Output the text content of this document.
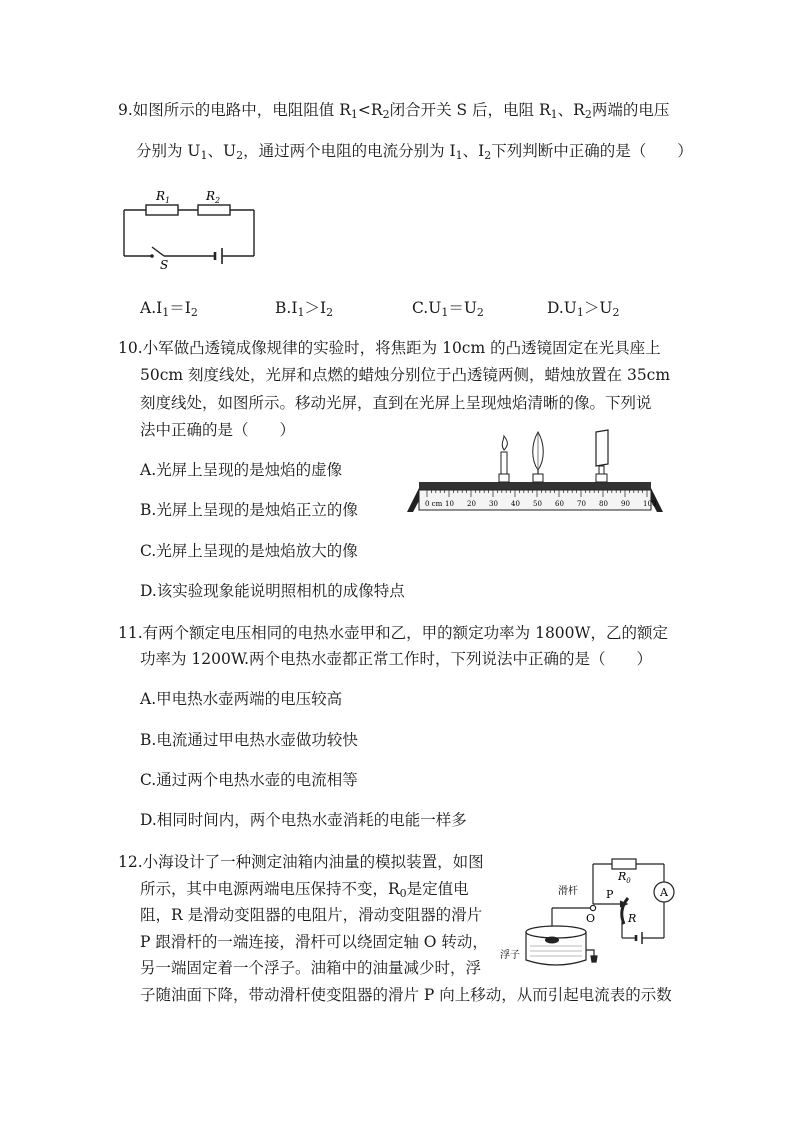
9.如图所示的电路中，电阻阻值 $R_1<R_2$闭合开关 S 后，电阻 $R_1$、$R_2$两端的电压
分别为 $U_1$、$U_2$，通过两个电阻的电流分别为 $I_1$、$I_2$下列判断中正确的是（　　）
$R_1$	$R_2$
S
$A.I_1=I_2$	$B.I_1>I_2$	$C.U_1=U_2$	$D.U_1>U_2$
10.小军做凸透镜成像规律的实验时，将焦距为 10cm 的凸透镜固定在光具座上
50cm 刻度线处，光屏和点燃的蜡烛分别位于凸透镜两侧，蜡烛放置在 35cm
刻度线处，如图所示。移动光屏，直到在光屏上呈现烛焰清晰的像。下列说
法中正确的是（　　）
A.光屏上呈现的是烛焰的虚像
B.光屏上呈现的是烛焰正立的像
C.光屏上呈现的是烛焰放大的像
D.该实验现象能说明照相机的成像特点
0 cm 10 20 30 40 50 60 70 80 90 100
11.有两个额定电压相同的电热水壶甲和乙，甲的额定功率为 1800W，乙的额定
功率为 1200W.两个电热水壶都正常工作时，下列说法中正确的是（　　）
A.甲电热水壶两端的电压较高
B.电流通过甲电热水壶做功较快
C.通过两个电热水壶的电流相等
D.相同时间内，两个电热水壶消耗的电能一样多
12.小海设计了一种测定油箱内油量的模拟装置，如图
所示，其中电源两端电压保持不变，$R_0$是定值电
阻，R 是滑动变阻器的电阻片，滑动变阻器的滑片
P 跟滑杆的一端连接，滑杆可以绕固定轴 O 转动，
另一端固定着一个浮子。油箱中的油量减少时，浮
子随油面下降，带动滑杆使变阻器的滑片 P 向上移动，从而引起电流表的示数
$R_0$
A
滑杆
O
P
R
浮子
